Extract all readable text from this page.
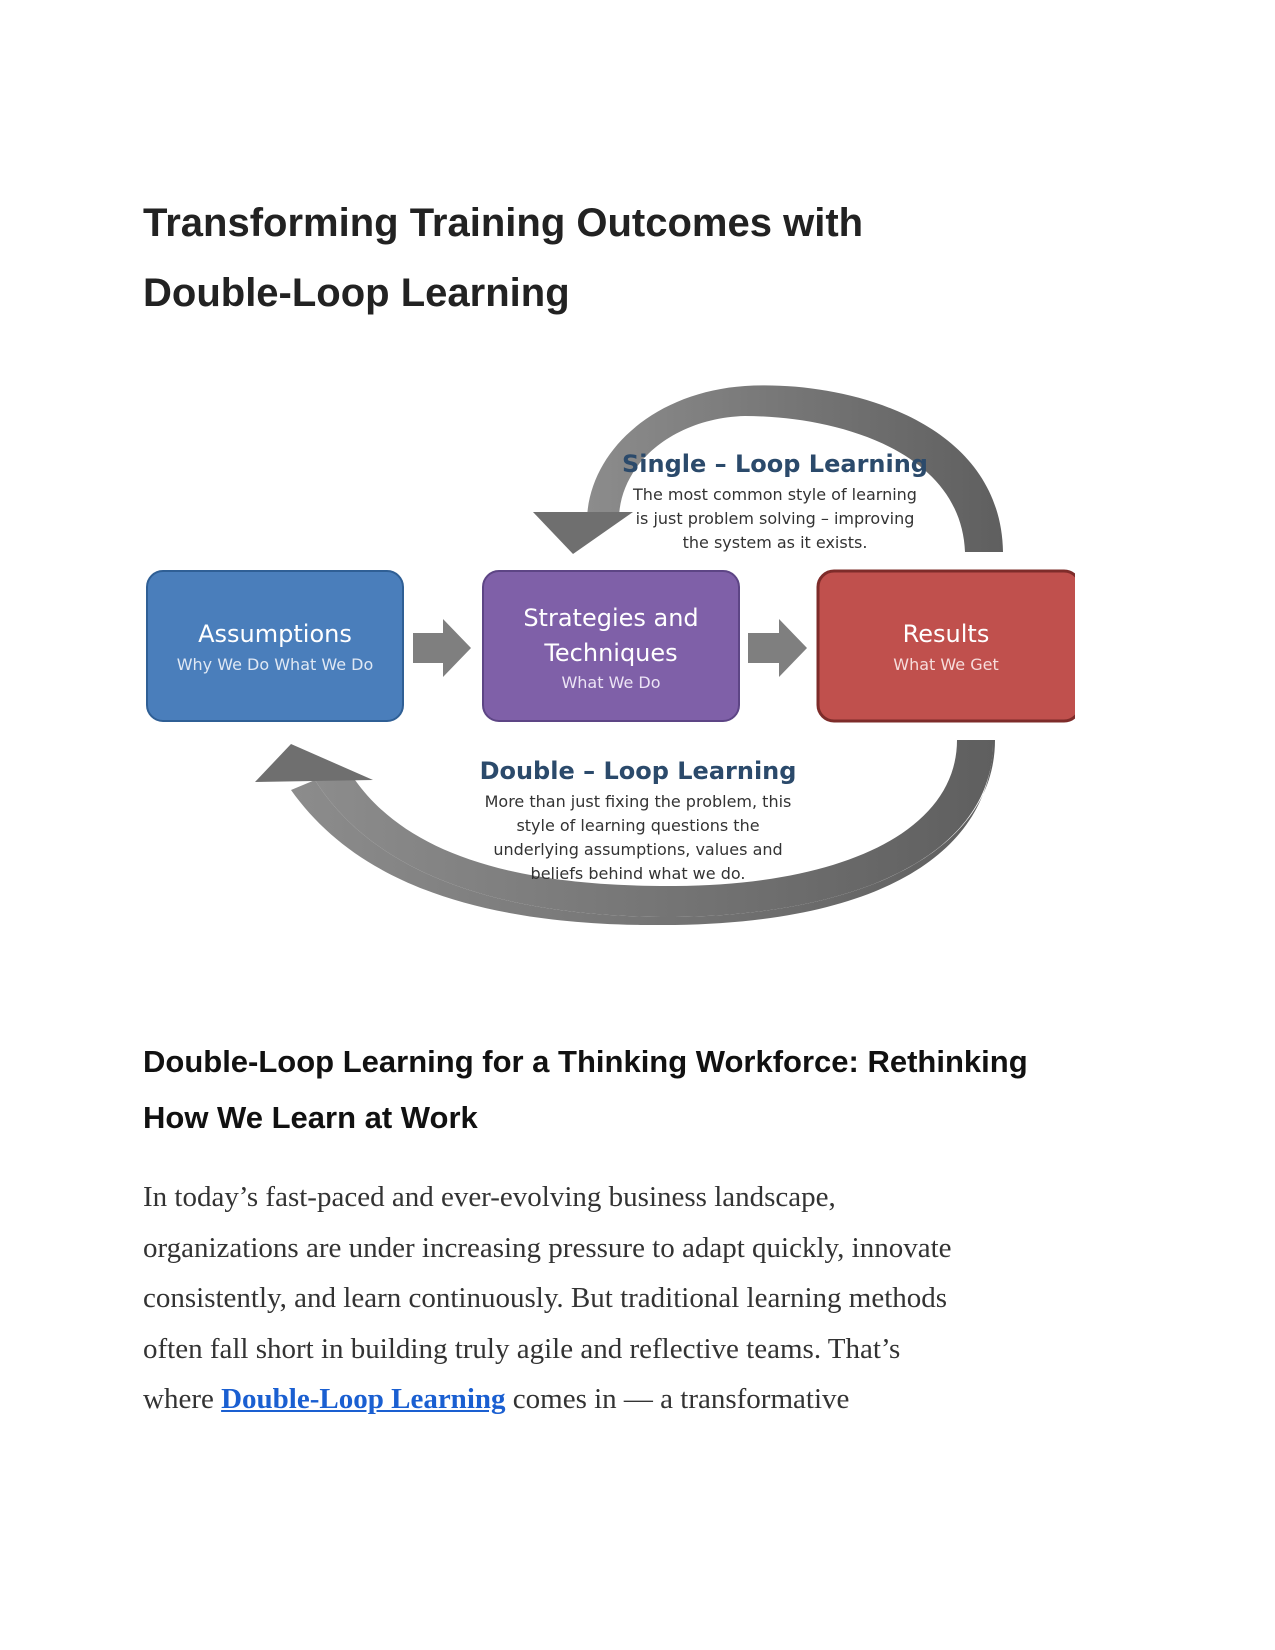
Transforming Training Outcomes with
Double-Loop Learning
Assumptions
Why We Do What We Do
Strategies and
Techniques
What We Do
Results
What We Get
Single – Loop Learning
The most common style of learning
is just problem solving – improving
the system as it exists.
Double – Loop Learning
More than just fixing the problem, this
style of learning questions the
underlying assumptions, values and
beliefs behind what we do.
Double-Loop Learning for a Thinking Workforce: Rethinking
How We Learn at Work

In today’s fast-paced and ever-evolving business landscape,
organizations are under increasing pressure to adapt quickly, innovate
consistently, and learn continuously. But traditional learning methods
often fall short in building truly agile and reflective teams. That’s
where Double-Loop Learning comes in — a transformative
